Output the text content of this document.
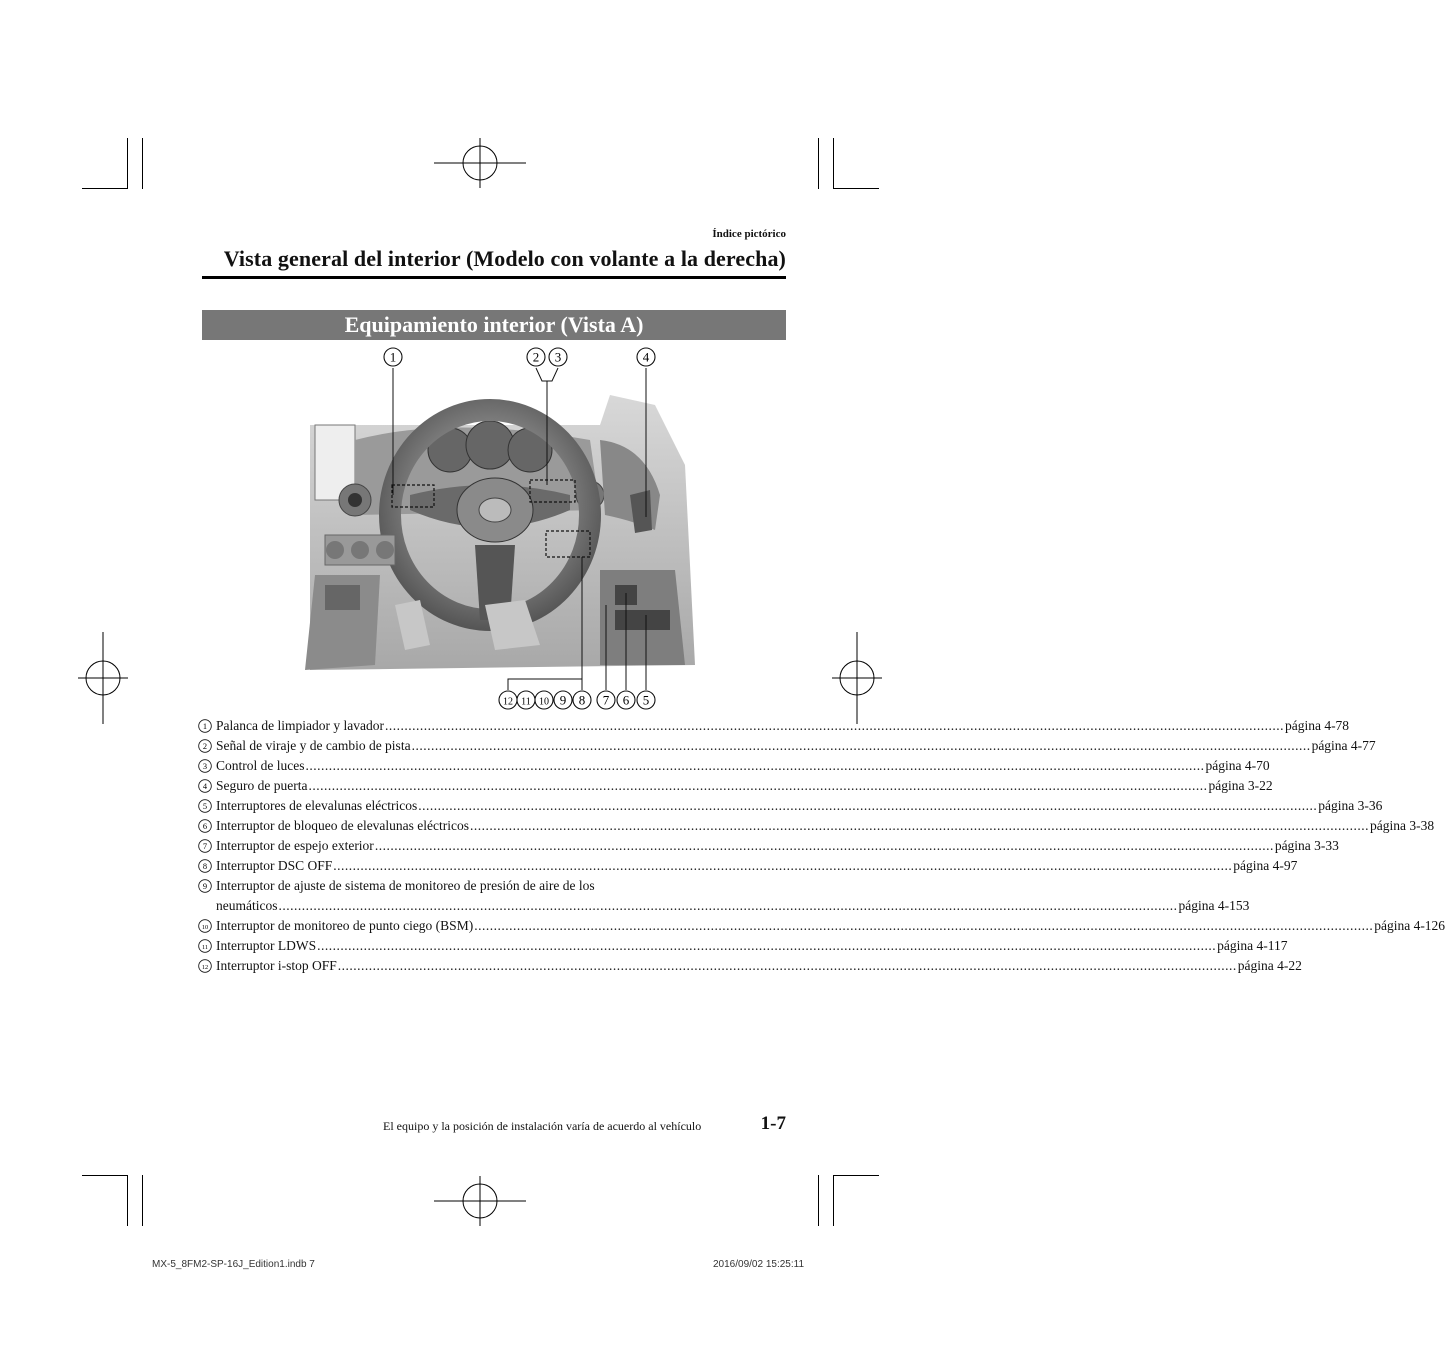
Índice pictórico
Vista general del interior (Modelo con volante a la derecha)
Equipamiento interior (Vista A)
1	2 3	4
5
6
7
8
9
10
11
12
1 Palanca de limpiador y lavador .....	página 4-78
2 Señal de viraje y de cambio de pista .....	página 4-77
3 Control de luces .....	página 4-70
4 Seguro de puerta .....	página 3-22
5 Interruptores de elevalunas eléctricos .....	página 3-36
6 Interruptor de bloqueo de elevalunas eléctricos .....	página 3-38
7 Interruptor de espejo exterior .....	página 3-33
8 Interruptor DSC OFF .....	página 4-97
9 Interruptor de ajuste de sistema de monitoreo de presión de aire de los
neumáticos .....	página 4-153
10 Interruptor de monitoreo de punto ciego (BSM) .....	página 4-126
11 Interruptor LDWS .....	página 4-117
12 Interruptor i-stop OFF .....	página 4-22
El equipo y la posición de instalación varía de acuerdo al vehículo	1-7
MX-5_8FM2-SP-16J_Edition1.indb 7	2016/09/02 15:25:11
